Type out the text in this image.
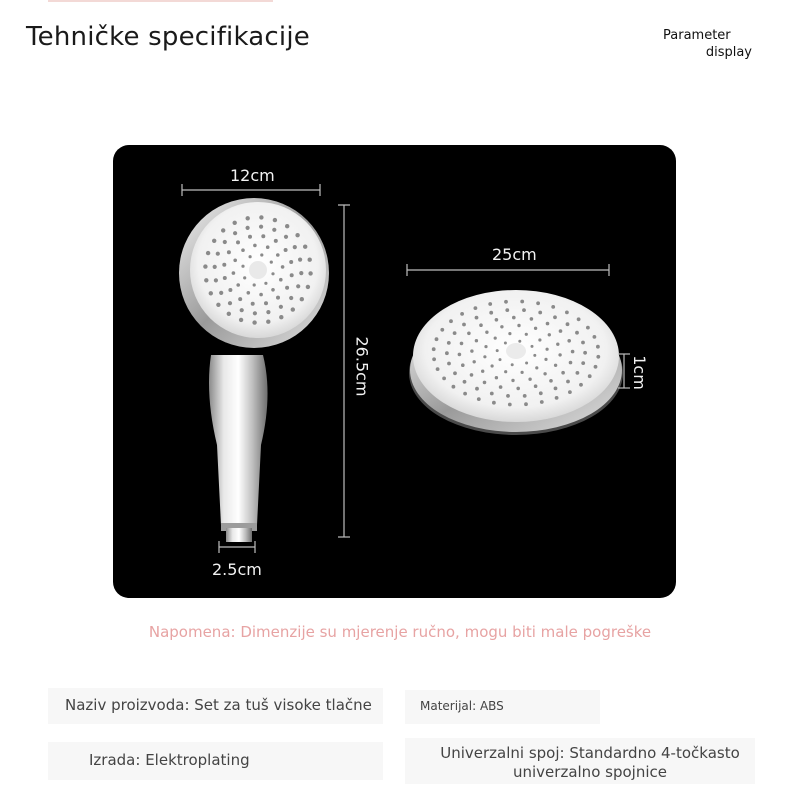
Tehničke specifikacije	Parameter
display
12cm
26.5cm
2.5cm
25cm
1cm
Napomena: Dimenzije su mjerenje ručno, mogu biti male pogreške
Naziv proizvoda: Set za tuš visoke tlačne	Materijal: ABS
Izrada: Elektroplating	Univerzalni spoj: Standardno 4-točkasto
univerzalno spojnice
